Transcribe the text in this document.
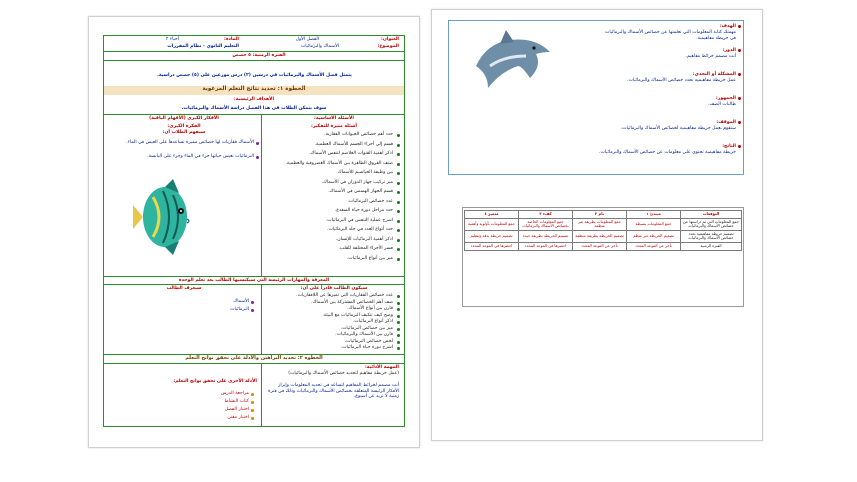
العنوان:
الفصل الأول
المادة:
أحياء ٢
الموضوع:
الأسماك والبرمائيات
التعليم الثانوي - نظام المقررات
الفترة الزمنية: ٥ حصص
يتمثل فصل الأسماك والبرمائيات في درسين (٢) درس موزعين على (٥) حصص دراسية.
الخطوة ١: تحديد نتائج التعلم المرغوبة
الأهداف الرئيسية:
سوف يتمكن الطلاب في هذا الفصل دراسة الأسماك والبرمائيات.
الأسئلة الأساسية:
الأفكار الكبرى (الأفهام الباقية)
أسئلة مثيرة للتفكير:
الفكرة الكبرى:
سيفهم الطلاب أن:
الأسماك فقاريات لها خصائص مميزة تساعدها على العيش في الماء.
البرمائيات تعيش حياتها جزء في الماء وجزء على اليابسة.
المعرفة والمهارات الرئيسة التي سيكتسبها الطالب بعد تعلم الوحدة
سيكون الطالب قادراً على أن:
سيعرف الطالب
الأسماك
البرمائيات
الخطوة ٢: تحديد البراهين والأدلة على تحقق نواتج التعلم
المهمة الأدائية:
(عمل خريطة مفاهيم لتحديد خصائص الأسماك والبرمائيات)
أنت مصمم لخرائط المفاهيم لتساعد في تحديد المعلومات وإبراز الأفكار الرئيسة المتعلقة بخصائص الأسماك والبرمائيات وذلك في فترة زمنية لا تزيد عن أسبوع.
الأدلة الأخرى على تحقق نواتج التعلم:
حدد أهم خصائص الحيوانات الفقارية.
قسم إلى أجزاء الجسم للأسماك العظمية.
اذكر أهمية القنوات الغلاصم لتنفس الأسماك.
صنف الفروق الظاهرة بين الأسماك الغضروفية والعظمية.
بين وظيفة الخياشيم للأسماك.
ميز تركيب جهاز الدوران في الأسماك.
قسم الجهاز الهضمي في الأسماك.
عدد خصائص البرمائيات.
حدد مراحل دورة حياة الضفدع.
اشرح عملية التنفس في البرمائيات.
حدد أنواع الغدد في جلد البرمائيات.
اذكر أهمية البرمائيات للإنسان.
فسر الأجزاء المختلفة للقلب.
ميز بين أنواع البرمائيات.
عدد خصائص الفقاريات التي تميزها عن اللافقاريات.
صف أهم الخصائص المشتركة بين الأسماك.
قارن بين أنواع الأسماك.
وضح كيف تتكيف البرمائيات مع البيئة.
اذكر أنواع البرمائيات.
ميز بين خصائص البرمائيات.
قارن بين الأسماك والبرمائيات.
لخص خصائص البرمائيات.
اشرح دورة حياة البرمائيات.
مراجعة الدرس
كتاب النشاط
اختبار الفصل
اختبار مقنن
متميز ٤	كفء ٣	نام ٢	مبتدئ ١	التوقعات
جمع المعلومات بأولوية وأهمية	جمع المعلومات الخاصة بخصائص الأسماك والبرمائيات	جمع المعلومات بطريقة غير منظمة	جمع المعلومات بسيطة	جمع المعلومات التي تم دراستها عن خصائص الأسماك والبرمائيات
تصميم خريطة بدقة وتنظيم	تصميم الخريطة بطريقة جيدة	تصميم الخريطة بطريقة منظمة	تصميم الخريطة غير منظم	تصميم خريطة مفاهيمية تحدد خصائص الأسماك والبرمائيات
احضرها في الموعد المحدد	احضرها في الموعد المحدد	تأخر عن الموعد المحدد	تأخر عن الموعد المحدد	الفترة الزمنية
الهدف:
مهمتك كتابة المعلومات التي تعلمتها عن خصائص الأسماك والبرمائيات في خريطة مفاهيمية.
الدور:
أنت مصمم خرائط مفاهيم.
المشكلة أو التحدي:
عمل خريطة مفاهيمية تحدد خصائص الأسماك والبرمائيات.
الجمهور:
طالبات الصف.
الموقف:
ستقوم بعمل خريطة مفاهيمية لخصائص الأسماك والبرمائيات.
الناتج:
خريطة مفاهيمية تحتوي على معلومات عن خصائص الأسماك والبرمائيات.
